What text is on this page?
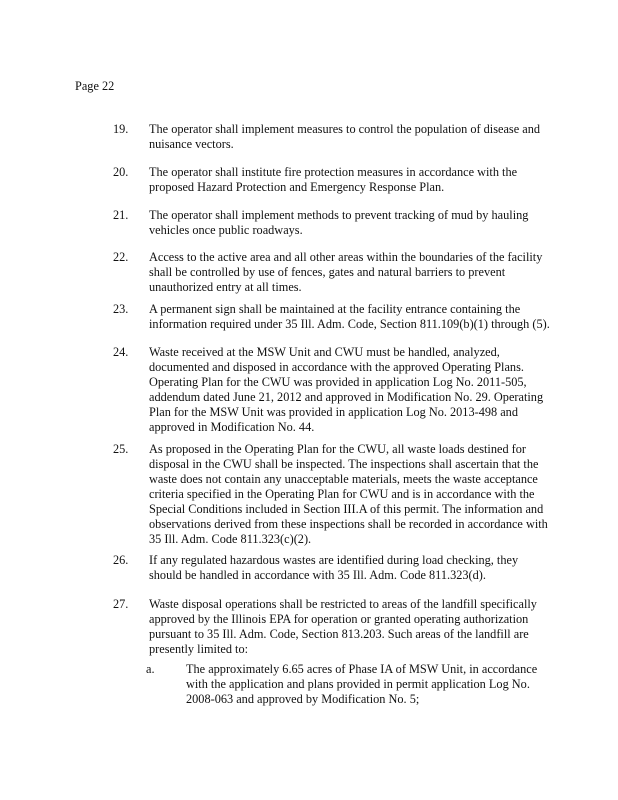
Page 22
19. The operator shall implement measures to control the population of disease and nuisance vectors.
20. The operator shall institute fire protection measures in accordance with the proposed Hazard Protection and Emergency Response Plan.
21. The operator shall implement methods to prevent tracking of mud by hauling vehicles once public roadways.
22. Access to the active area and all other areas within the boundaries of the facility shall be controlled by use of fences, gates and natural barriers to prevent unauthorized entry at all times.
23. A permanent sign shall be maintained at the facility entrance containing the information required under 35 Ill. Adm. Code, Section 811.109(b)(1) through (5).
24. Waste received at the MSW Unit and CWU must be handled, analyzed, documented and disposed in accordance with the approved Operating Plans. Operating Plan for the CWU was provided in application Log No. 2011-505, addendum dated June 21, 2012 and approved in Modification No. 29. Operating Plan for the MSW Unit was provided in application Log No. 2013-498 and approved in Modification No. 44.
25. As proposed in the Operating Plan for the CWU, all waste loads destined for disposal in the CWU shall be inspected. The inspections shall ascertain that the waste does not contain any unacceptable materials, meets the waste acceptance criteria specified in the Operating Plan for CWU and is in accordance with the Special Conditions included in Section III.A of this permit. The information and observations derived from these inspections shall be recorded in accordance with 35 Ill. Adm. Code 811.323(c)(2).
26. If any regulated hazardous wastes are identified during load checking, they should be handled in accordance with 35 Ill. Adm. Code 811.323(d).
27. Waste disposal operations shall be restricted to areas of the landfill specifically approved by the Illinois EPA for operation or granted operating authorization pursuant to 35 Ill. Adm. Code, Section 813.203. Such areas of the landfill are presently limited to:
a.	The approximately 6.65 acres of Phase IA of MSW Unit, in accordance with the application and plans provided in permit application Log No. 2008-063 and approved by Modification No. 5;
